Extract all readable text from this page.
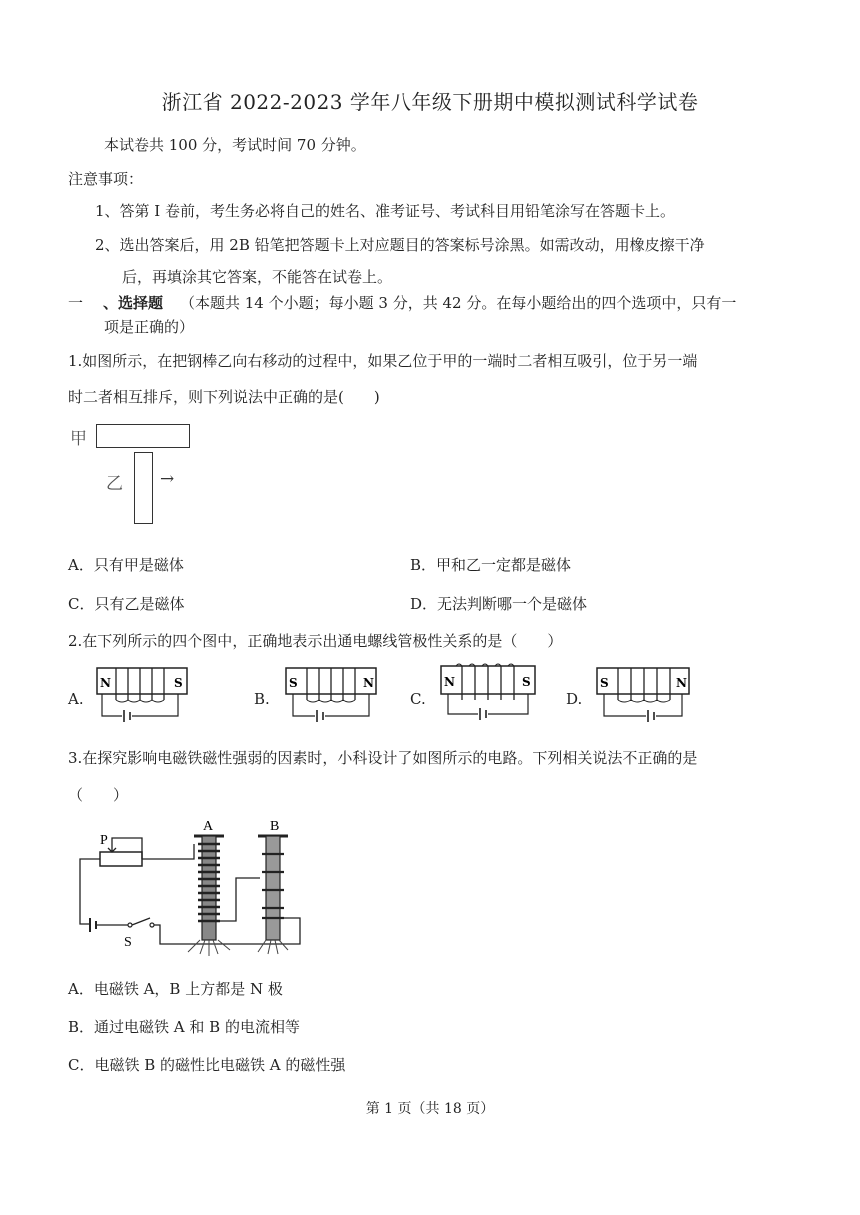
浙江省 2022-2023 学年八年级下册期中模拟测试科学试卷
本试卷共 100 分，考试时间 70 分钟。
注意事项：
1、答第 I 卷前，考生务必将自己的姓名、准考证号、考试科目用铅笔涂写在答题卡上。
2、选出答案后，用 2B 铅笔把答题卡上对应题目的答案标号涂黑。如需改动，用橡皮擦干净
后，再填涂其它答案，不能答在试卷上。
一 、选择题 （本题共 14 个小题；每小题 3 分，共 42 分。在每小题给出的四个选项中，只有一
项是正确的）
1.如图所示，在把钢棒乙向右移动的过程中，如果乙位于甲的一端时二者相互吸引，位于另一端
时二者相互排斥，则下列说法中正确的是(　　)
甲
乙 →
A．只有甲是磁体	B．甲和乙一定都是磁体
C．只有乙是磁体	D．无法判断哪一个是磁体
2.在下列所示的四个图中，正确地表示出通电螺线管极性关系的是（　　）
A.
N	S
B.
S	N
C.
N	S
D.
S	N
3.在探究影响电磁铁磁性强弱的因素时，小科设计了如图所示的电路。下列相关说法不正确的是
（　　）
P
S
A	B
A．电磁铁 A，B 上方都是 N 极
B．通过电磁铁 A 和 B 的电流相等
C．电磁铁 B 的磁性比电磁铁 A 的磁性强
第 1 页（共 18 页）
